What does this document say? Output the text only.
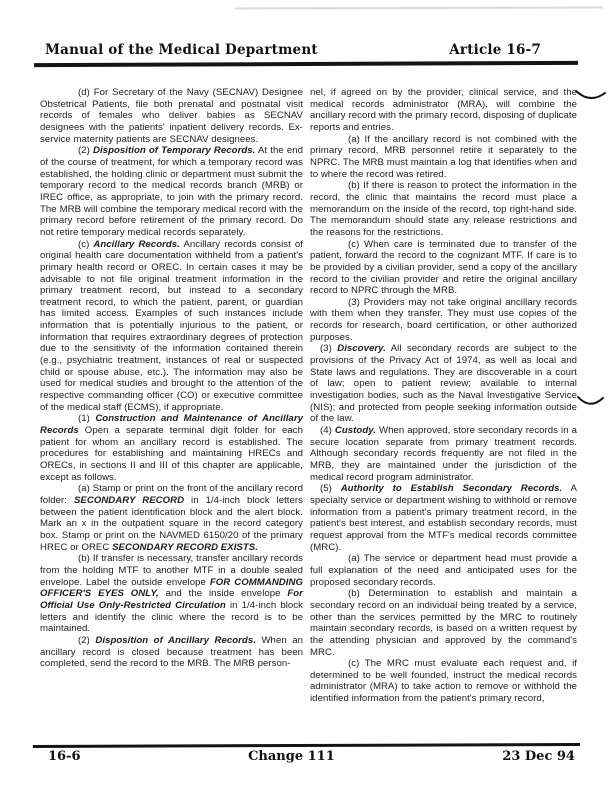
Manual of the Medical Department	Article 16-7

(d) For Secretary of the Navy (SECNAV) Designee Obstetrical Patients, file both prenatal and postnatal visit records of females who deliver babies as SECNAV designees with the patients' inpatient delivery records. Ex-service maternity patients are SECNAV designees.

(2) Disposition of Temporary Records. At the end of the course of treatment, for which a temporary record was established, the holding clinic or department must submit the temporary record to the medical records branch (MRB) or IREC office, as appropriate, to join with the primary record. The MRB will combine the temporary medical record with the primary record before retirement of the primary record. Do not retire temporary medical records separately.

(c) Ancillary Records. Ancillary records consist of original health care documentation withheld from a patient's primary health record or OREC. In certain cases it may be advisable to not file original treatment information in the primary treatment record, but instead to a secondary treatment record, to which the patient, parent, or guardian has limited access. Examples of such instances include information that is potentially injurious to the patient, or information that requires extraordinary degrees of protection due to the sensitivity of the information contained therein (e.g., psychiatric treatment, instances of real or suspected child or spouse abuse, etc.). The information may also be used for medical studies and brought to the attention of the respective commanding officer (CO) or executive committee of the medical staff (ECMS), if appropriate.

(1) Construction and Maintenance of Ancillary Records Open a separate terminal digit folder for each patient for whom an ancillary record is established. The procedures for establishing and maintaining HRECs and ORECs, in sections II and III of this chapter are applicable, except as follows.

(a) Stamp or print on the front of the ancillary record folder: SECONDARY RECORD in 1/4-inch block letters between the patient identification block and the alert block. Mark an x in the outpatient square in the record category box. Stamp or print on the NAVMED 6150/20 of the primary HREC or OREC SECONDARY RECORD EXISTS.

(b) If transfer is necessary, transfer ancillary records from the holding MTF to another MTF in a double sealed envelope. Label the outside envelope FOR COMMANDING OFFICER'S EYES ONLY, and the inside envelope For Official Use Only-Restricted Circulation in 1/4-inch block letters and identify the clinic where the record is to be maintained.

(2) Disposition of Ancillary Records. When an ancillary record is closed because treatment has been completed, send the record to the MRB. The MRB person-

nel, if agreed on by the provider, clinical service, and the medical records administrator (MRA), will combine the ancillary record with the primary record, disposing of duplicate reports and entries.

(a) If the ancillary record is not combined with the primary record, MRB personnel retire it separately to the NPRC. The MRB must maintain a log that identifies when and to where the record was retired.

(b) If there is reason to protect the information in the record, the clinic that maintains the record must place a memorandum on the inside of the record, top right-hand side. The memorandum should state any release restrictions and the reasons for the restrictions.

(c) When care is terminated due to transfer of the patient, forward the record to the cognizant MTF. If care is to be provided by a civilian provider, send a copy of the ancillary record to the civilian provider and retire the original ancillary record to NPRC through the MRB.

(3) Providers may not take original ancillary records with them when they transfer. They must use copies of the records for research, board certification, or other authorized purposes.

(3) Discovery. All secondary records are subject to the provisions of the Privacy Act of 1974, as well as local and State laws and regulations. They are discoverable in a court of law; open to patient review; available to internal investigation bodies, such as the Naval Investigative Service (NIS); and protected from people seeking information outside of the law.

(4) Custody. When approved, store secondary records in a secure location separate from primary treatment records. Although secondary records frequently are not filed in the MRB, they are maintained under the jurisdiction of the medical record program administrator.

(5) Authority to Establish Secondary Records. A specialty service or department wishing to withhold or remove information from a patient's primary treatment record, in the patient's best interest, and establish secondary records, must request approval from the MTF's medical records committee (MRC).

(a) The service or department head must provide a full explanation of the need and anticipated uses for the proposed secondary records.

(b) Determination to establish and maintain a secondary record on an individual being treated by a service, other than the services permitted by the MRC to routinely maintain secondary records, is based on a written request by the attending physician and approved by the command's MRC.

(c) The MRC must evaluate each request and, if determined to be well founded, instruct the medical records administrator (MRA) to take action to remove or withhold the identified information from the patient's primary record,

16-6	Change 111	23 Dec 94
